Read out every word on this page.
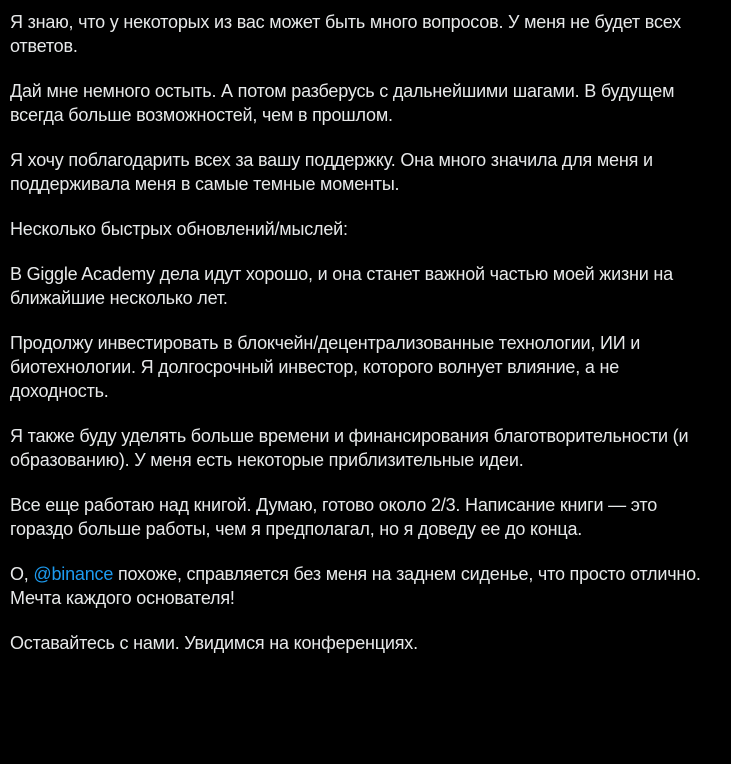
Я знаю, что у некоторых из вас может быть много вопросов. У меня не будет всех ответов.

Дай мне немного остыть. А потом разберусь с дальнейшими шагами. В будущем всегда больше возможностей, чем в прошлом.

Я хочу поблагодарить всех за вашу поддержку. Она много значила для меня и поддерживала меня в самые темные моменты.

Несколько быстрых обновлений/мыслей:

В Giggle Academy дела идут хорошо, и она станет важной частью моей жизни на ближайшие несколько лет.

Продолжу инвестировать в блокчейн/децентрализованные технологии, ИИ и биотехнологии. Я долгосрочный инвестор, которого волнует влияние, а не доходность.

Я также буду уделять больше времени и финансирования благотворительности (и образованию). У меня есть некоторые приблизительные идеи.

Все еще работаю над книгой. Думаю, готово около 2/3. Написание книги — это гораздо больше работы, чем я предполагал, но я доведу ее до конца.

О, @binance похоже, справляется без меня на заднем сиденье, что просто отлично. Мечта каждого основателя!

Оставайтесь с нами. Увидимся на конференциях.
